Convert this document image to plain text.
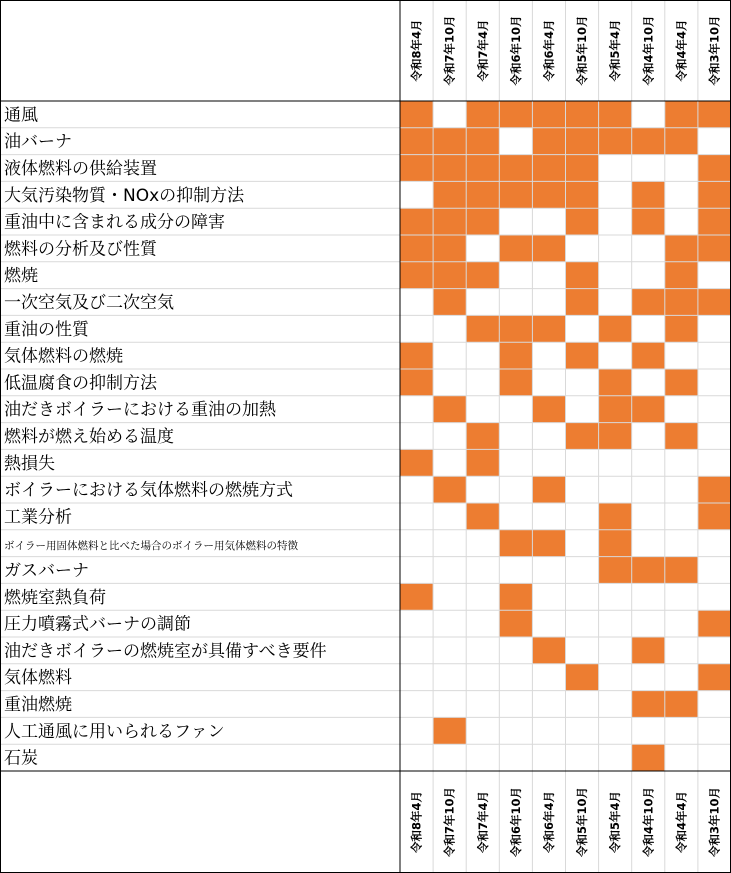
通風
油バーナ
液体燃料の供給装置
大気汚染物質・NOxの抑制方法
重油中に含まれる成分の障害
燃料の分析及び性質
燃焼
一次空気及び二次空気
重油の性質
気体燃料の燃焼
低温腐食の抑制方法
油だきボイラーにおける重油の加熱
燃料が燃え始める温度
熱損失
ボイラーにおける気体燃料の燃焼方式
工業分析
ボイラー用固体燃料と比べた場合のボイラー用気体燃料の特徴
ガスバーナ
燃焼室熱負荷
圧力噴霧式バーナの調節
油だきボイラーの燃焼室が具備すべき要件
気体燃料
重油燃焼
人工通風に用いられるファン
石炭
令和8年4月 令和7年10月 令和7年4月 令和6年10月 令和6年4月 令和5年10月 令和5年4月 令和4年10月 令和4年4月 令和3年10月
令和8年4月 令和7年10月 令和7年4月 令和6年10月 令和6年4月 令和5年10月 令和5年4月 令和4年10月 令和4年4月 令和3年10月
